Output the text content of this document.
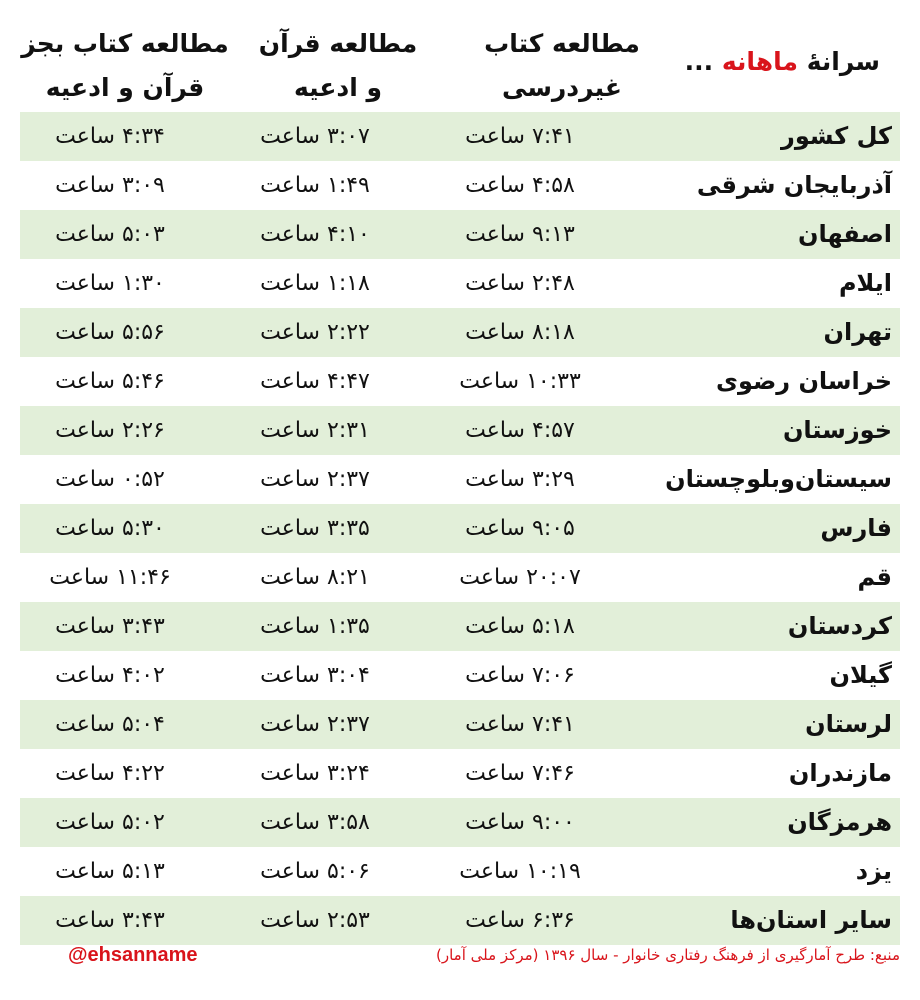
سرانهٔ ماهانه ...
مطالعه کتاب
غیردرسی
مطالعه قرآن
و ادعیه
مطالعه کتاب بجز
قرآن و ادعیه
کل کشور
۷:۴۱ ساعت
۳:۰۷ ساعت
۴:۳۴ ساعت
آذربایجان شرقی
۴:۵۸ ساعت
۱:۴۹ ساعت
۳:۰۹ ساعت
اصفهان
۹:۱۳ ساعت
۴:۱۰ ساعت
۵:۰۳ ساعت
ایلام
۲:۴۸ ساعت
۱:۱۸ ساعت
۱:۳۰ ساعت
تهران
۸:۱۸ ساعت
۲:۲۲ ساعت
۵:۵۶ ساعت
خراسان رضوی
۱۰:۳۳ ساعت
۴:۴۷ ساعت
۵:۴۶ ساعت
خوزستان
۴:۵۷ ساعت
۲:۳۱ ساعت
۲:۲۶ ساعت
سیستان‌وبلوچستان
۳:۲۹ ساعت
۲:۳۷ ساعت
۰:۵۲ ساعت
فارس
۹:۰۵ ساعت
۳:۳۵ ساعت
۵:۳۰ ساعت
قم
۲۰:۰۷ ساعت
۸:۲۱ ساعت
۱۱:۴۶ ساعت
کردستان
۵:۱۸ ساعت
۱:۳۵ ساعت
۳:۴۳ ساعت
گیلان
۷:۰۶ ساعت
۳:۰۴ ساعت
۴:۰۲ ساعت
لرستان
۷:۴۱ ساعت
۲:۳۷ ساعت
۵:۰۴ ساعت
مازندران
۷:۴۶ ساعت
۳:۲۴ ساعت
۴:۲۲ ساعت
هرمزگان
۹:۰۰ ساعت
۳:۵۸ ساعت
۵:۰۲ ساعت
یزد
۱۰:۱۹ ساعت
۵:۰۶ ساعت
۵:۱۳ ساعت
سایر استان‌ها
۶:۳۶ ساعت
۲:۵۳ ساعت
۳:۴۳ ساعت
@ehsanname	منبع: طرح آمارگیری از فرهنگ رفتاری خانوار - سال ۱۳۹۶ (مرکز ملی آمار)
